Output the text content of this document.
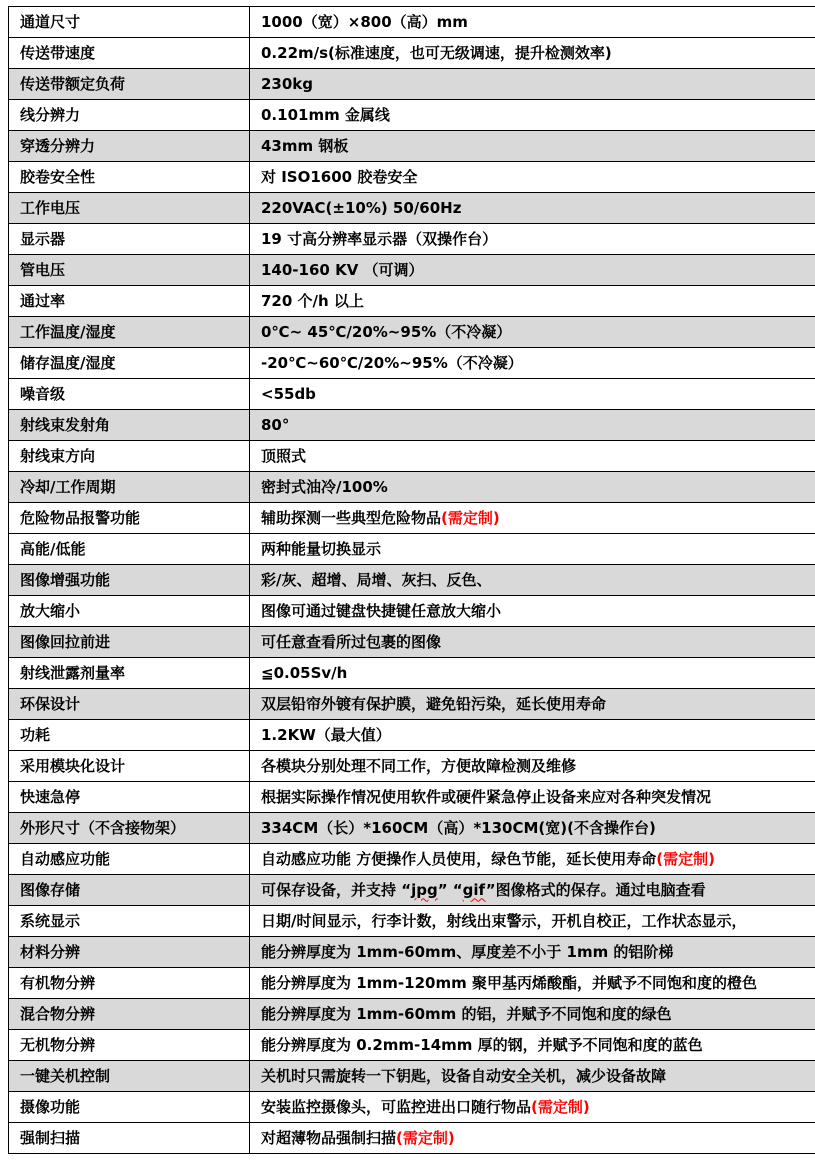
通道尺寸	1000（宽）×800（高）mm
传送带速度	0.22m/s(标准速度，也可无级调速，提升检测效率)
传送带额定负荷	230kg
线分辨力	0.101mm 金属线
穿透分辨力	43mm 钢板
胶卷安全性	对 ISO1600 胶卷安全
工作电压	220VAC(±10%) 50/60Hz
显示器	19 寸高分辨率显示器（双操作台）
管电压	140-160 KV （可调）
通过率	720 个/h 以上
工作温度/湿度	0℃~ 45℃/20%~95%（不冷凝）
储存温度/湿度	-20℃~60℃/20%~95%（不冷凝）
噪音级	<55db
射线束发射角	80°
射线束方向	顶照式
冷却/工作周期	密封式油冷/100%
危险物品报警功能	辅助探测一些典型危险物品(需定制)
高能/低能	两种能量切换显示
图像增强功能	彩/灰、超增、局增、灰扫、反色、
放大缩小	图像可通过键盘快捷键任意放大缩小
图像回拉前进	可任意查看所过包裹的图像
射线泄露剂量率	≦0.05Sv/h
环保设计	双层铅帘外镀有保护膜，避免铅污染，延长使用寿命
功耗	1.2KW（最大值）
采用模块化设计	各模块分别处理不同工作，方便故障检测及维修
快速急停	根据实际操作情况使用软件或硬件紧急停止设备来应对各种突发情况
外形尺寸（不含接物架）	334CM（长）*160CM（高）*130CM(宽)(不含操作台)
自动感应功能	自动感应功能 方便操作人员使用，绿色节能，延长使用寿命(需定制)
图像存储	可保存设备，并支持 “jpg” “gif”图像格式的保存。通过电脑查看
系统显示	日期/时间显示，行李计数，射线出束警示，开机自校正，工作状态显示，
材料分辨	能分辨厚度为 1mm-60mm、厚度差不小于 1mm 的铝阶梯
有机物分辨	能分辨厚度为 1mm-120mm 聚甲基丙烯酸酯，并赋予不同饱和度的橙色
混合物分辨	能分辨厚度为 1mm-60mm 的铝，并赋予不同饱和度的绿色
无机物分辨	能分辨厚度为 0.2mm-14mm 厚的钢，并赋予不同饱和度的蓝色
一键关机控制	关机时只需旋转一下钥匙，设备自动安全关机，减少设备故障
摄像功能	安装监控摄像头，可监控进出口随行物品(需定制)
强制扫描	对超薄物品强制扫描(需定制)
